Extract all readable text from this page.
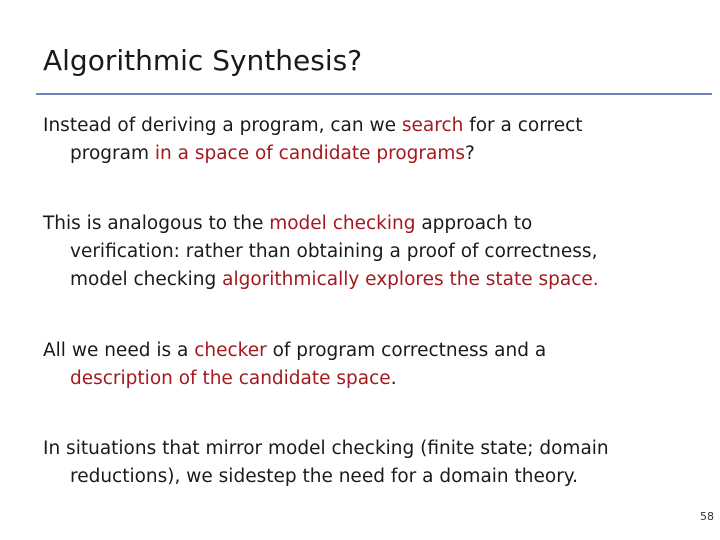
Algorithmic Synthesis?
Instead of deriving a program, can we search for a correct
program in a space of candidate programs?
This is analogous to the model checking approach to
verification: rather than obtaining a proof of correctness,
model checking algorithmically explores the state space.
All we need is a checker of program correctness and a
description of the candidate space.
In situations that mirror model checking (finite state; domain
reductions), we sidestep the need for a domain theory.
58
